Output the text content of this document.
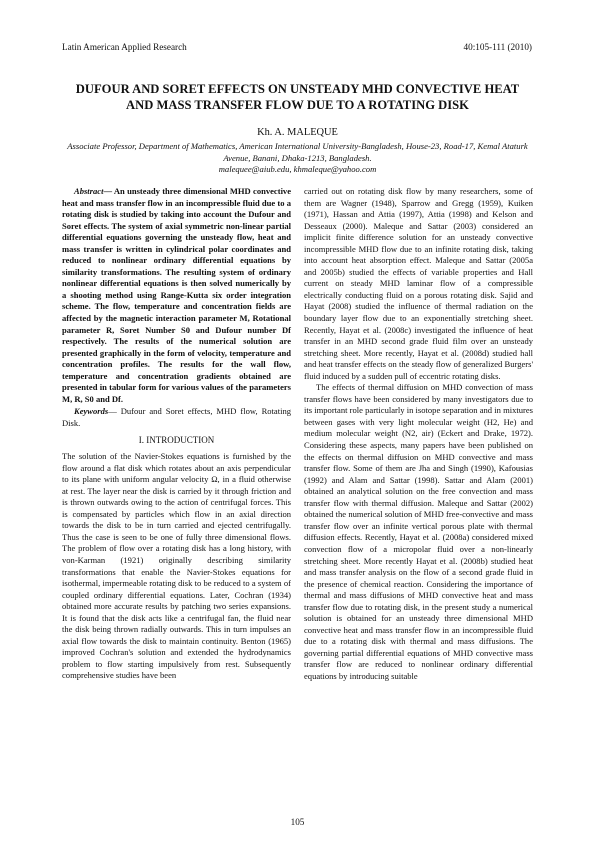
Latin American Applied Research	40:105-111 (2010)
DUFOUR AND SORET EFFECTS ON UNSTEADY MHD CONVECTIVE HEAT AND MASS TRANSFER FLOW DUE TO A ROTATING DISK
Kh. A. MALEQUE
Associate Professor, Department of Mathematics, American International University-Bangladesh, House-23, Road-17, Kemal Ataturk Avenue, Banani, Dhaka-1213, Bangladesh.
malequee@aiub.edu, khmaleque@yahoo.com

Abstract— An unsteady three dimensional MHD convective heat and mass transfer flow in an incompressible fluid due to a rotating disk is studied by taking into account the Dufour and Soret effects. The system of axial symmetric non-linear partial differential equations governing the unsteady flow, heat and mass transfer is written in cylindrical polar coordinates and reduced to nonlinear ordinary differential equations by similarity transformations. The resulting system of ordinary nonlinear differential equations is then solved numerically by a shooting method using Range-Kutta six order integration scheme. The flow, temperature and concentration fields are affected by the magnetic interaction parameter M, Rotational parameter R, Soret Number S0 and Dufour number Df respectively. The results of the numerical solution are presented graphically in the form of velocity, temperature and concentration profiles. The results for the wall flow, temperature and concentration gradients obtained are presented in tabular form for various values of the parameters M, R, S0 and Df.

Keywords— Dufour and Soret effects, MHD flow, Rotating Disk.

I. INTRODUCTION

The solution of the Navier-Stokes equations is furnished by the flow around a flat disk which rotates about an axis perpendicular to its plane with uniform angular velocity Ω, in a fluid otherwise at rest. The layer near the disk is carried by it through friction and is thrown outwards owing to the action of centrifugal forces. This is compensated by particles which flow in an axial direction towards the disk to be in turn carried and ejected centrifugally. Thus the case is seen to be one of fully three dimensional flows. The problem of flow over a rotating disk has a long history, with von-Karman (1921) originally describing similarity transformations that enable the Navier-Stokes equations for isothermal, impermeable rotating disk to be reduced to a system of coupled ordinary differential equations. Later, Cochran (1934) obtained more accurate results by patching two series expansions. It is found that the disk acts like a centrifugal fan, the fluid near the disk being thrown radially outwards. This in turn impulses an axial flow towards the disk to maintain continuity. Benton (1965) improved Cochran's solution and extended the hydrodynamics problem to flow starting impulsively from rest. Subsequently comprehensive studies have been

carried out on rotating disk flow by many researchers, some of them are Wagner (1948), Sparrow and Gregg (1959), Kuiken (1971), Hassan and Attia (1997), Attia (1998) and Kelson and Desseaux (2000). Maleque and Sattar (2003) considered an implicit finite difference solution for an unsteady convective incompressible MHD flow due to an infinite rotating disk, taking into account heat absorption effect. Maleque and Sattar (2005a and 2005b) studied the effects of variable properties and Hall current on steady MHD laminar flow of a compressible electrically conducting fluid on a porous rotating disk. Sajid and Hayat (2008) studied the influence of thermal radiation on the boundary layer flow due to an exponentially stretching sheet. Recently, Hayat et al. (2008c) investigated the influence of heat transfer in an MHD second grade fluid film over an unsteady stretching sheet. More recently, Hayat et al. (2008d) studied hall and heat transfer effects on the steady flow of generalized Burgers' fluid induced by a sudden pull of eccentric rotating disks.

The effects of thermal diffusion on MHD convection of mass transfer flows have been considered by many investigators due to its important role particularly in isotope separation and in mixtures between gases with very light molecular weight (H2, He) and medium molecular weight (N2, air) (Eckert and Drake, 1972). Considering these aspects, many papers have been published on the effects on thermal diffusion on MHD convective and mass transfer flow. Some of them are Jha and Singh (1990), Kafousias (1992) and Alam and Sattar (1998). Sattar and Alam (2001) obtained an analytical solution on the free convection and mass transfer flow with thermal diffusion. Maleque and Sattar (2002) obtained the numerical solution of MHD free-convective and mass transfer flow over an infinite vertical porous plate with thermal diffusion effects. Recently, Hayat et al. (2008a) considered mixed convection flow of a micropolar fluid over a non-linearly stretching sheet. More recently Hayat et al. (2008b) studied heat and mass transfer analysis on the flow of a second grade fluid in the presence of chemical reaction. Considering the importance of thermal and mass diffusions of MHD convective heat and mass transfer flow due to rotating disk, in the present study a numerical solution is obtained for an unsteady three dimensional MHD convective heat and mass transfer flow in an incompressible fluid due to a rotating disk with thermal and mass diffusions. The governing partial differential equations of MHD convective mass transfer flow are reduced to nonlinear ordinary differential equations by introducing suitable

105
